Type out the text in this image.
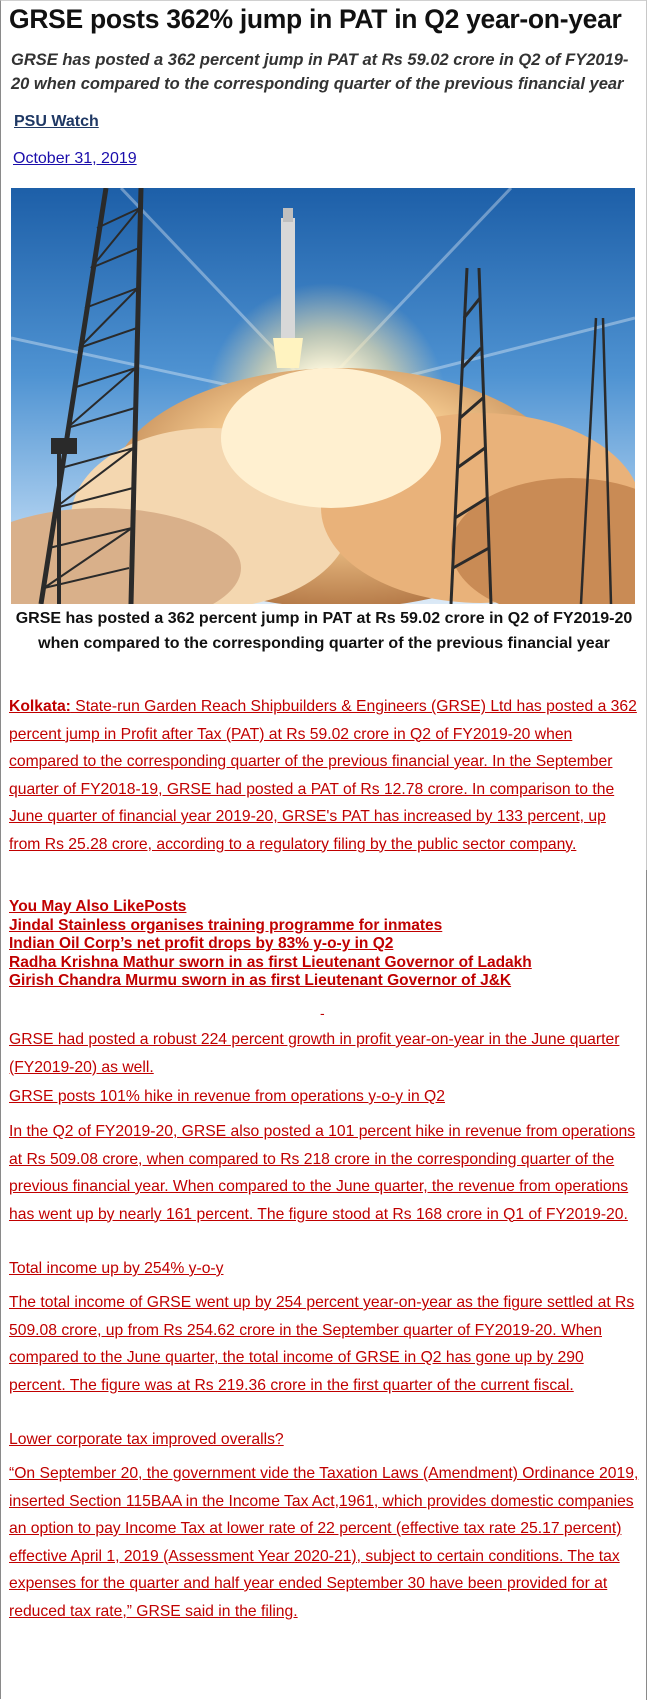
GRSE posts 362% jump in PAT in Q2 year-on-year
GRSE has posted a 362 percent jump in PAT at Rs 59.02 crore in Q2 of FY2019-20 when compared to the corresponding quarter of the previous financial year
PSU Watch
October 31, 2019
GRSE has posted a 362 percent jump in PAT at Rs 59.02 crore in Q2 of FY2019-20 when compared to the corresponding quarter of the previous financial year
Kolkata: State-run Garden Reach Shipbuilders & Engineers (GRSE) Ltd has posted a 362 percent jump in Profit after Tax (PAT) at Rs 59.02 crore in Q2 of FY2019-20 when compared to the corresponding quarter of the previous financial year. In the September quarter of FY2018-19, GRSE had posted a PAT of Rs 12.78 crore. In comparison to the June quarter of financial year 2019-20, GRSE's PAT has increased by 133 percent, up from Rs 25.28 crore, according to a regulatory filing by the public sector company.
You May Also LikePosts
Jindal Stainless organises training programme for inmates
Indian Oil Corp’s net profit drops by 83% y-o-y in Q2
Radha Krishna Mathur sworn in as first Lieutenant Governor of Ladakh
Girish Chandra Murmu sworn in as first Lieutenant Governor of J&K
-
GRSE had posted a robust 224 percent growth in profit year-on-year in the June quarter (FY2019-20) as well.
GRSE posts 101% hike in revenue from operations y-o-y in Q2
In the Q2 of FY2019-20, GRSE also posted a 101 percent hike in revenue from operations at Rs 509.08 crore, when compared to Rs 218 crore in the corresponding quarter of the previous financial year. When compared to the June quarter, the revenue from operations has went up by nearly 161 percent. The figure stood at Rs 168 crore in Q1 of FY2019-20.
Total income up by 254% y-o-y
The total income of GRSE went up by 254 percent year-on-year as the figure settled at Rs 509.08 crore, up from Rs 254.62 crore in the September quarter of FY2019-20. When compared to the June quarter, the total income of GRSE in Q2 has gone up by 290 percent. The figure was at Rs 219.36 crore in the first quarter of the current fiscal.
Lower corporate tax improved overalls?
“On September 20, the government vide the Taxation Laws (Amendment) Ordinance 2019, inserted Section 115BAA in the Income Tax Act,1961, which provides domestic companies an option to pay Income Tax at lower rate of 22 percent (effective tax rate 25.17 percent) effective April 1, 2019 (Assessment Year 2020-21), subject to certain conditions. The tax expenses for the quarter and half year ended September 30 have been provided for at reduced tax rate,” GRSE said in the filing.
